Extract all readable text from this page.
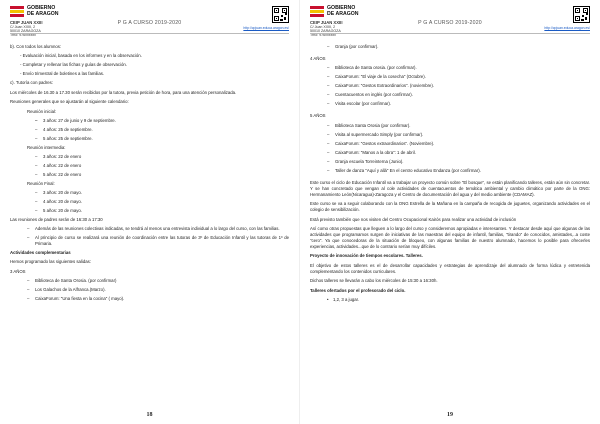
GOBIERNO
DE ARAGON
CEIP JUAN XXIII
C/ Juan XXIII, 2
50010 ZARAGOZA
Tfno: 976xxxxxx
P G A CURSO 2019-2020
http://cpjuan.educa.aragon.es/

b). Con todos los alumnos:

- Evaluación inicial, basada en los informes y en la observación.

- Completar y rellenar las fichas y guías de observación.

- Envío trimestral de boletines a las familias.

c). Tutoría con padres:

Los miércoles de 16.30 a 17.30 serán recibidos por la tutora, previa petición de hora, para una atención personalizada.

Reuniones generales que se ajustarán al siguiente calendario:

Reunión inicial:

– 3 años: 27 de junio y 9 de septiembre.

– 4 años: 25 de septiembre.

– 5 años: 25 de septiembre.

Reunión intermedia:

– 3 años: 22 de enero

– 4 años: 22 de enero

– 5 años: 22 de enero

Reunión Final:

– 3 años: 20 de mayo.

– 4 años: 20 de mayo.

– 5 años: 20 de mayo.

Las reuniones de padres serán de 16:30 a 17:30

– Además de las reuniones colectivas indicadas, se tendrá al menos una entrevista individual a lo largo del curso, con las familias.

– Al principio de curso se realizará una reunión de coordinación entre las tutoras de 3º de Educación Infantil y las tutoras de 1º de Primaria.

Actividades complementarias

Hemos programado las siguientes salidas:

3 AÑOS

– Biblioteca de Santa Orosia. (por confirmar)

– Los Galachos de la Alfranca.(Marzo).

– CaixaForum: "Una fiesta en la cocina" ( mayo).

18
GOBIERNO
DE ARAGON
CEIP JUAN XXIII
C/ Juan XXIII, 2
50010 ZARAGOZA
Tfno: 976xxxxxx
P G A CURSO 2019-2020
http://cpjuan.educa.aragon.es/

– Granja (por confirmar).

4 AÑOS

– Biblioteca de Santa orosia. (por confirmar).

– CaixaForum: "El viaje de la cosecha" (Octubre).

– CaixaForum: "Gestos Extraordinarios". (noviembre).

– Cuentacuentos en inglés (por confirmar).

– Visita escolar (por confirmar).

5 AÑOS

– Biblioteca Santa Orosia (por confirmar).

– Visita al supermercado Simply (por confirmar).

– CaixaForum: "Gestos extraordinarios". (Noviembre).

– CaixaForum: "Manos a la obra": 1 de abril.

– Granja escuela Torreinterna (Junio).

– Taller de danza "Aquí y allá" En el centro educativo Endanza (por confirmar).

Este curso el ciclo de Educación Infantil va a trabajar un proyecto común sobre "El bosque", se están planificando talleres, están aún sin concretar. Y se han concretado que vengan al cole actividades de cuentacuentos de temática ambiental y cambio climático por parte de la ONG: Hermanamiento León(Nicaragua)-Zaragoza y el Centro de documentación del agua y del medio ambiente (CDAMAZ).

Este curso se va a seguir colaborando con la ONG Estrella de la Mañana en la campaña de recogida de juguetes, organizando actividades en el colegio de sensibilización.

Está previsto también que nos visiten del Centro Ocupacional Kairós para realizar una actividad de inclusión

Así como otras propuestas que lleguen a lo largo del curso y consideremos apropiadas e interesantes. Y destacar desde aquí que algunas de las actividades que programamos surgen de iniciativas de las maestras del equipo de infantil, familias, "tirando" de conocidos, amistades,..a coste "cero". Ya que conocedoras de la situación de bloqueo, con algunas familias de nuestro alumnado, hacemos lo posible para ofrecerles experiencias, actividades...que de lo contrario serían muy difíciles.

Proyecto de innovación de tiempos escolares. Talleres.

El objetivo de estos talleres es el de desarrollar capacidades y estrategias de aprendizaje del alumnado de forma lúdica y entretenida complementando los contenidos curriculares.

Dichos talleres se llevarán a cabo los miércoles de 15:30 a 16:30h.

Talleres ofertados por el profesorado del ciclo.

• 1,2, 3 a jugar.

19
